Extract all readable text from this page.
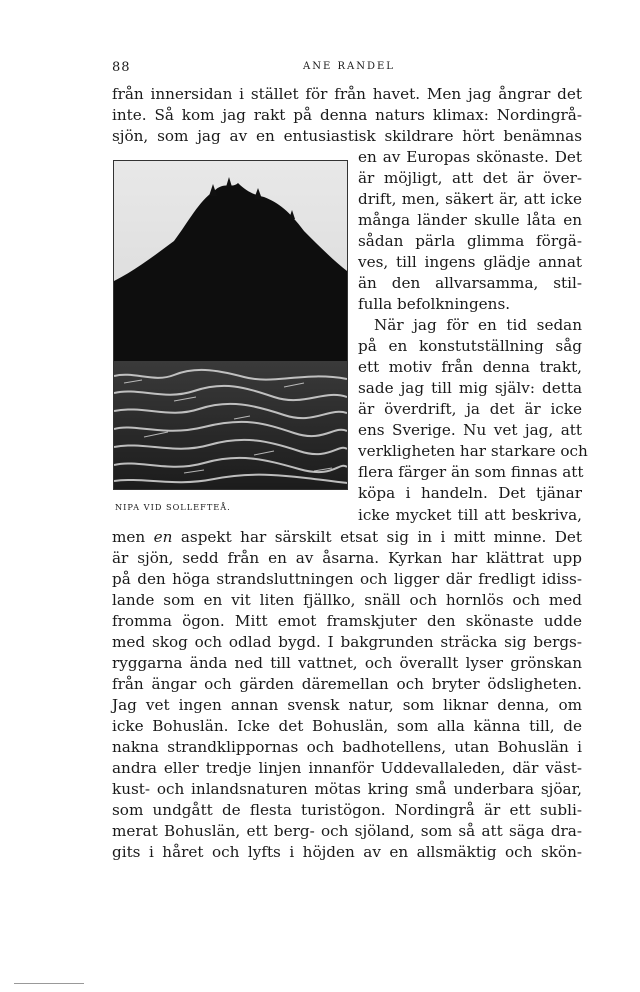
88	ANE RANDEL
från innersidan i stället för från havet. Men jag ångrar det
inte. Så kom jag rakt på denna naturs klimax: Nordingrå-
sjön, som jag av en entusiastisk skildrare hört benämnas
NIPA VID SOLLEFTEÅ.
en av Europas skönaste. Det
är möjligt, att det är över-
drift, men, säkert är, att icke
många länder skulle låta en
sådan pärla glimma förgä-
ves, till ingens glädje annat
än den allvarsamma, stil-
fulla befolkningens.
När jag för en tid sedan
på en konstutställning såg
ett motiv från denna trakt,
sade jag till mig själv: detta
är överdrift, ja det är icke
ens Sverige. Nu vet jag, att
verkligheten har starkare och
flera färger än som finnas att
köpa i handeln. Det tjänar
icke mycket till att beskriva,
men en aspekt har särskilt etsat sig in i mitt minne. Det
är sjön, sedd från en av åsarna. Kyrkan har klättrat upp
på den höga strandsluttningen och ligger där fredligt idiss-
lande som en vit liten fjällko, snäll och hornlös och med
fromma ögon. Mitt emot framskjuter den skönaste udde
med skog och odlad bygd. I bakgrunden sträcka sig bergs-
ryggarna ända ned till vattnet, och överallt lyser grönskan
från ängar och gärden däremellan och bryter ödsligheten.
Jag vet ingen annan svensk natur, som liknar denna, om
icke Bohuslän. Icke det Bohuslän, som alla känna till, de
nakna strandklippornas och badhotellens, utan Bohuslän i
andra eller tredje linjen innanför Uddevallaleden, där väst-
kust- och inlandsnaturen mötas kring små underbara sjöar,
som undgått de flesta turistögon. Nordingrå är ett subli-
merat Bohuslän, ett berg- och sjöland, som så att säga dra-
gits i håret och lyfts i höjden av en allsmäktig och skön-
